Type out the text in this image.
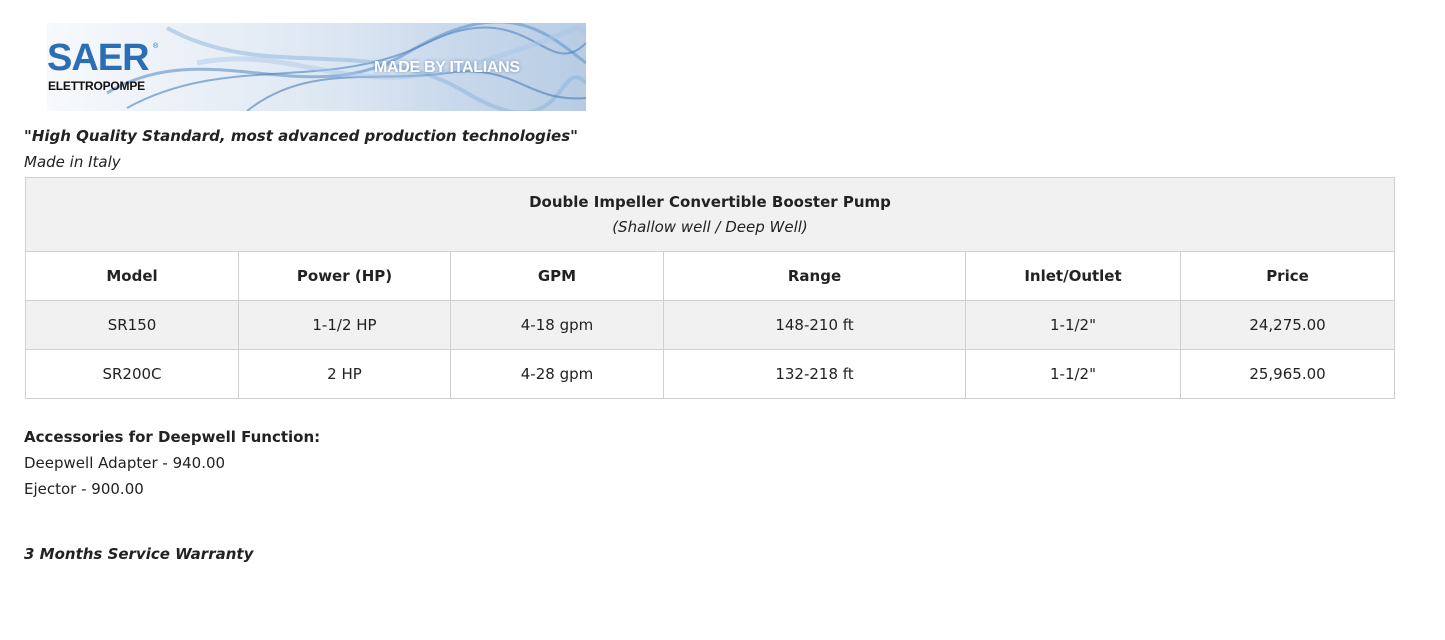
SAER ®
ELETTROPOMPE
MADE BY ITALIANS
"High Quality Standard, most advanced production technologies"
Made in Italy
Double Impeller Convertible Booster Pump
(Shallow well / Deep Well)					

Model	Power (HP)	GPM	Range	Inlet/Outlet	Price
SR150	1-1/2 HP	4-18 gpm	148-210 ft	1-1/2"	24,275.00
SR200C	2 HP	4-28 gpm	132-218 ft	1-1/2"	25,965.00
Accessories for Deepwell Function:
Deepwell Adapter - 940.00
Ejector - 900.00
3 Months Service Warranty
